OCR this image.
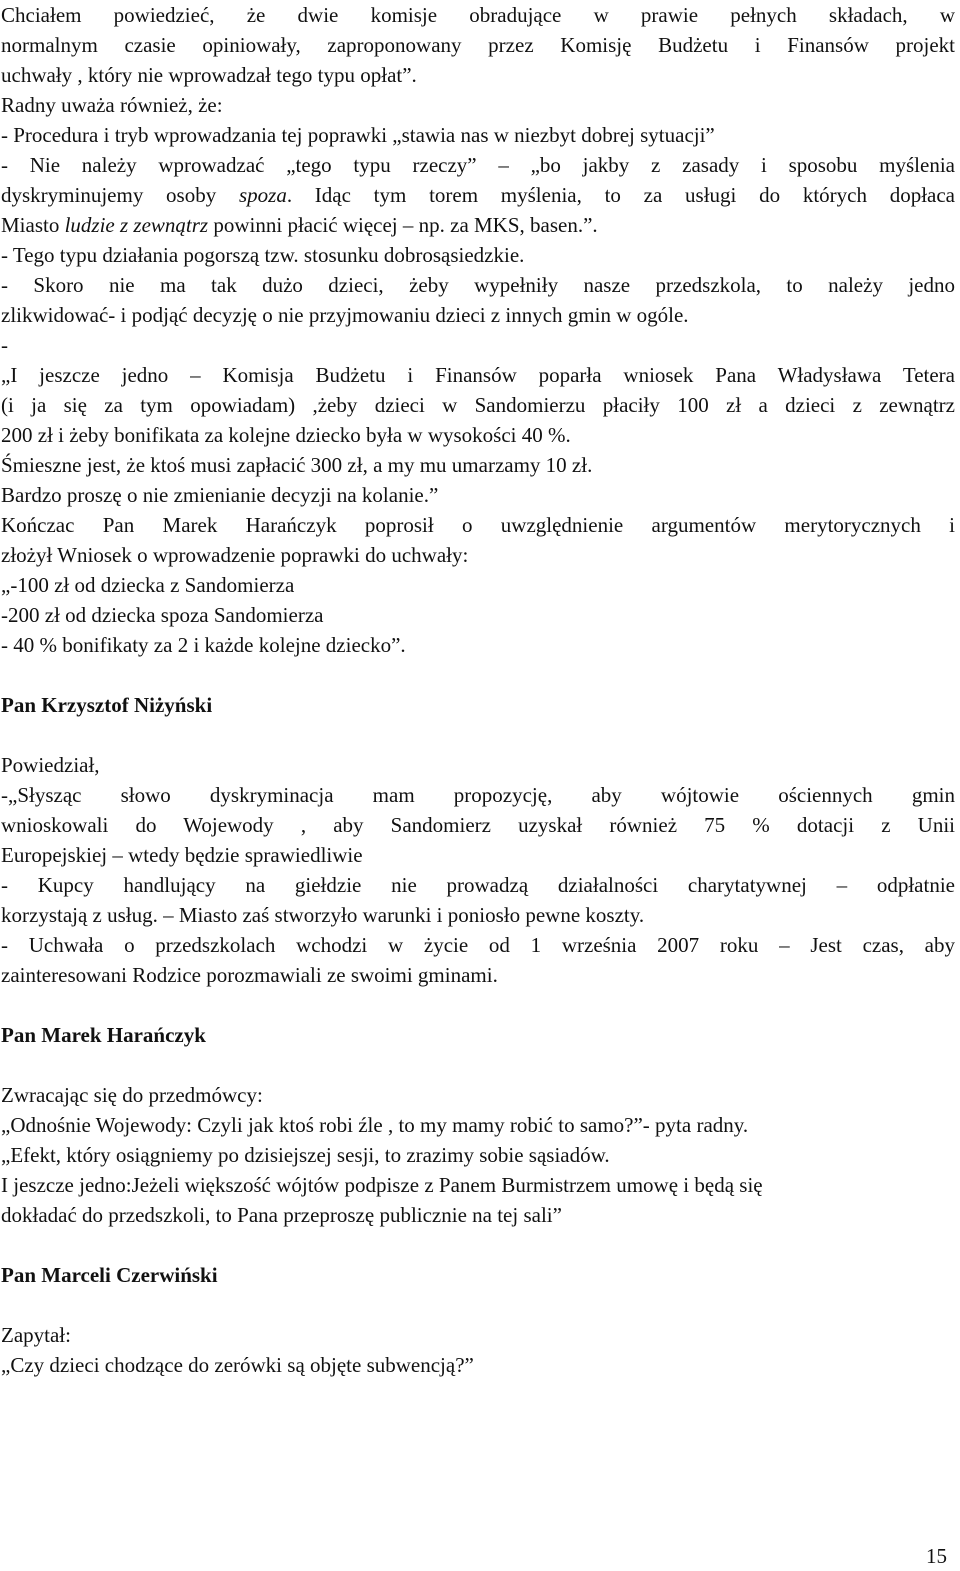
Chciałem powiedzieć, że dwie komisje obradujące w prawie pełnych składach, w
normalnym czasie opiniowały, zaproponowany przez Komisję Budżetu i Finansów projekt
uchwały , który nie wprowadzał tego typu opłat”.
Radny uważa również, że:
- Procedura i tryb wprowadzania tej poprawki „stawia nas w niezbyt dobrej sytuacji”
- Nie należy wprowadzać „tego typu rzeczy” – „bo jakby z zasady i sposobu myślenia
dyskryminujemy osoby spoza. Idąc tym torem myślenia, to za usługi do których dopłaca
Miasto ludzie z zewnątrz powinni płacić więcej – np. za MKS, basen.”.
- Tego typu działania pogorszą tzw. stosunku dobrosąsiedzkie.
- Skoro nie ma tak dużo dzieci, żeby wypełniły nasze przedszkola, to należy jedno
zlikwidować- i podjąć decyzję o nie przyjmowaniu dzieci z innych gmin w ogóle.
-
„I jeszcze jedno – Komisja Budżetu i Finansów poparła wniosek Pana Władysława Tetera
(i ja się za tym opowiadam) ,żeby dzieci w Sandomierzu płaciły 100 zł a dzieci z zewnątrz
200 zł i żeby bonifikata za kolejne dziecko była w wysokości 40 %.
Śmieszne jest, że ktoś musi zapłacić 300 zł, a my mu umarzamy 10 zł.
Bardzo proszę o nie zmienianie decyzji na kolanie.”
Kończac Pan Marek Harańczyk poprosił o uwzględnienie argumentów merytorycznych i
złożył Wniosek o wprowadzenie poprawki do uchwały:
„-100 zł od dziecka z Sandomierza
-200 zł od dziecka spoza Sandomierza
- 40 % bonifikaty za 2 i każde kolejne dziecko”.
Pan Krzysztof Niżyński
Powiedział,
-„Słysząc słowo dyskryminacja mam propozycję, aby wójtowie ościennych gmin
wnioskowali do Wojewody , aby Sandomierz uzyskał również 75 % dotacji z Unii
Europejskiej – wtedy będzie sprawiedliwie
- Kupcy handlujący na giełdzie nie prowadzą działalności charytatywnej – odpłatnie
korzystają z usług. – Miasto zaś stworzyło warunki i poniosło pewne koszty.
- Uchwała o przedszkolach wchodzi w życie od 1 września 2007 roku – Jest czas, aby
zainteresowani Rodzice porozmawiali ze swoimi gminami.
Pan Marek Harańczyk
Zwracając się do przedmówcy:
„Odnośnie Wojewody: Czyli jak ktoś robi źle , to my mamy robić to samo?”- pyta radny.
„Efekt, który osiągniemy po dzisiejszej sesji, to zrazimy sobie sąsiadów.
I jeszcze jedno:Jeżeli większość wójtów podpisze z Panem Burmistrzem umowę i będą się
dokładać do przedszkoli, to Pana przeproszę publicznie na tej sali”
Pan Marceli Czerwiński
Zapytał:
„Czy dzieci chodzące do zerówki są objęte subwencją?”
15
